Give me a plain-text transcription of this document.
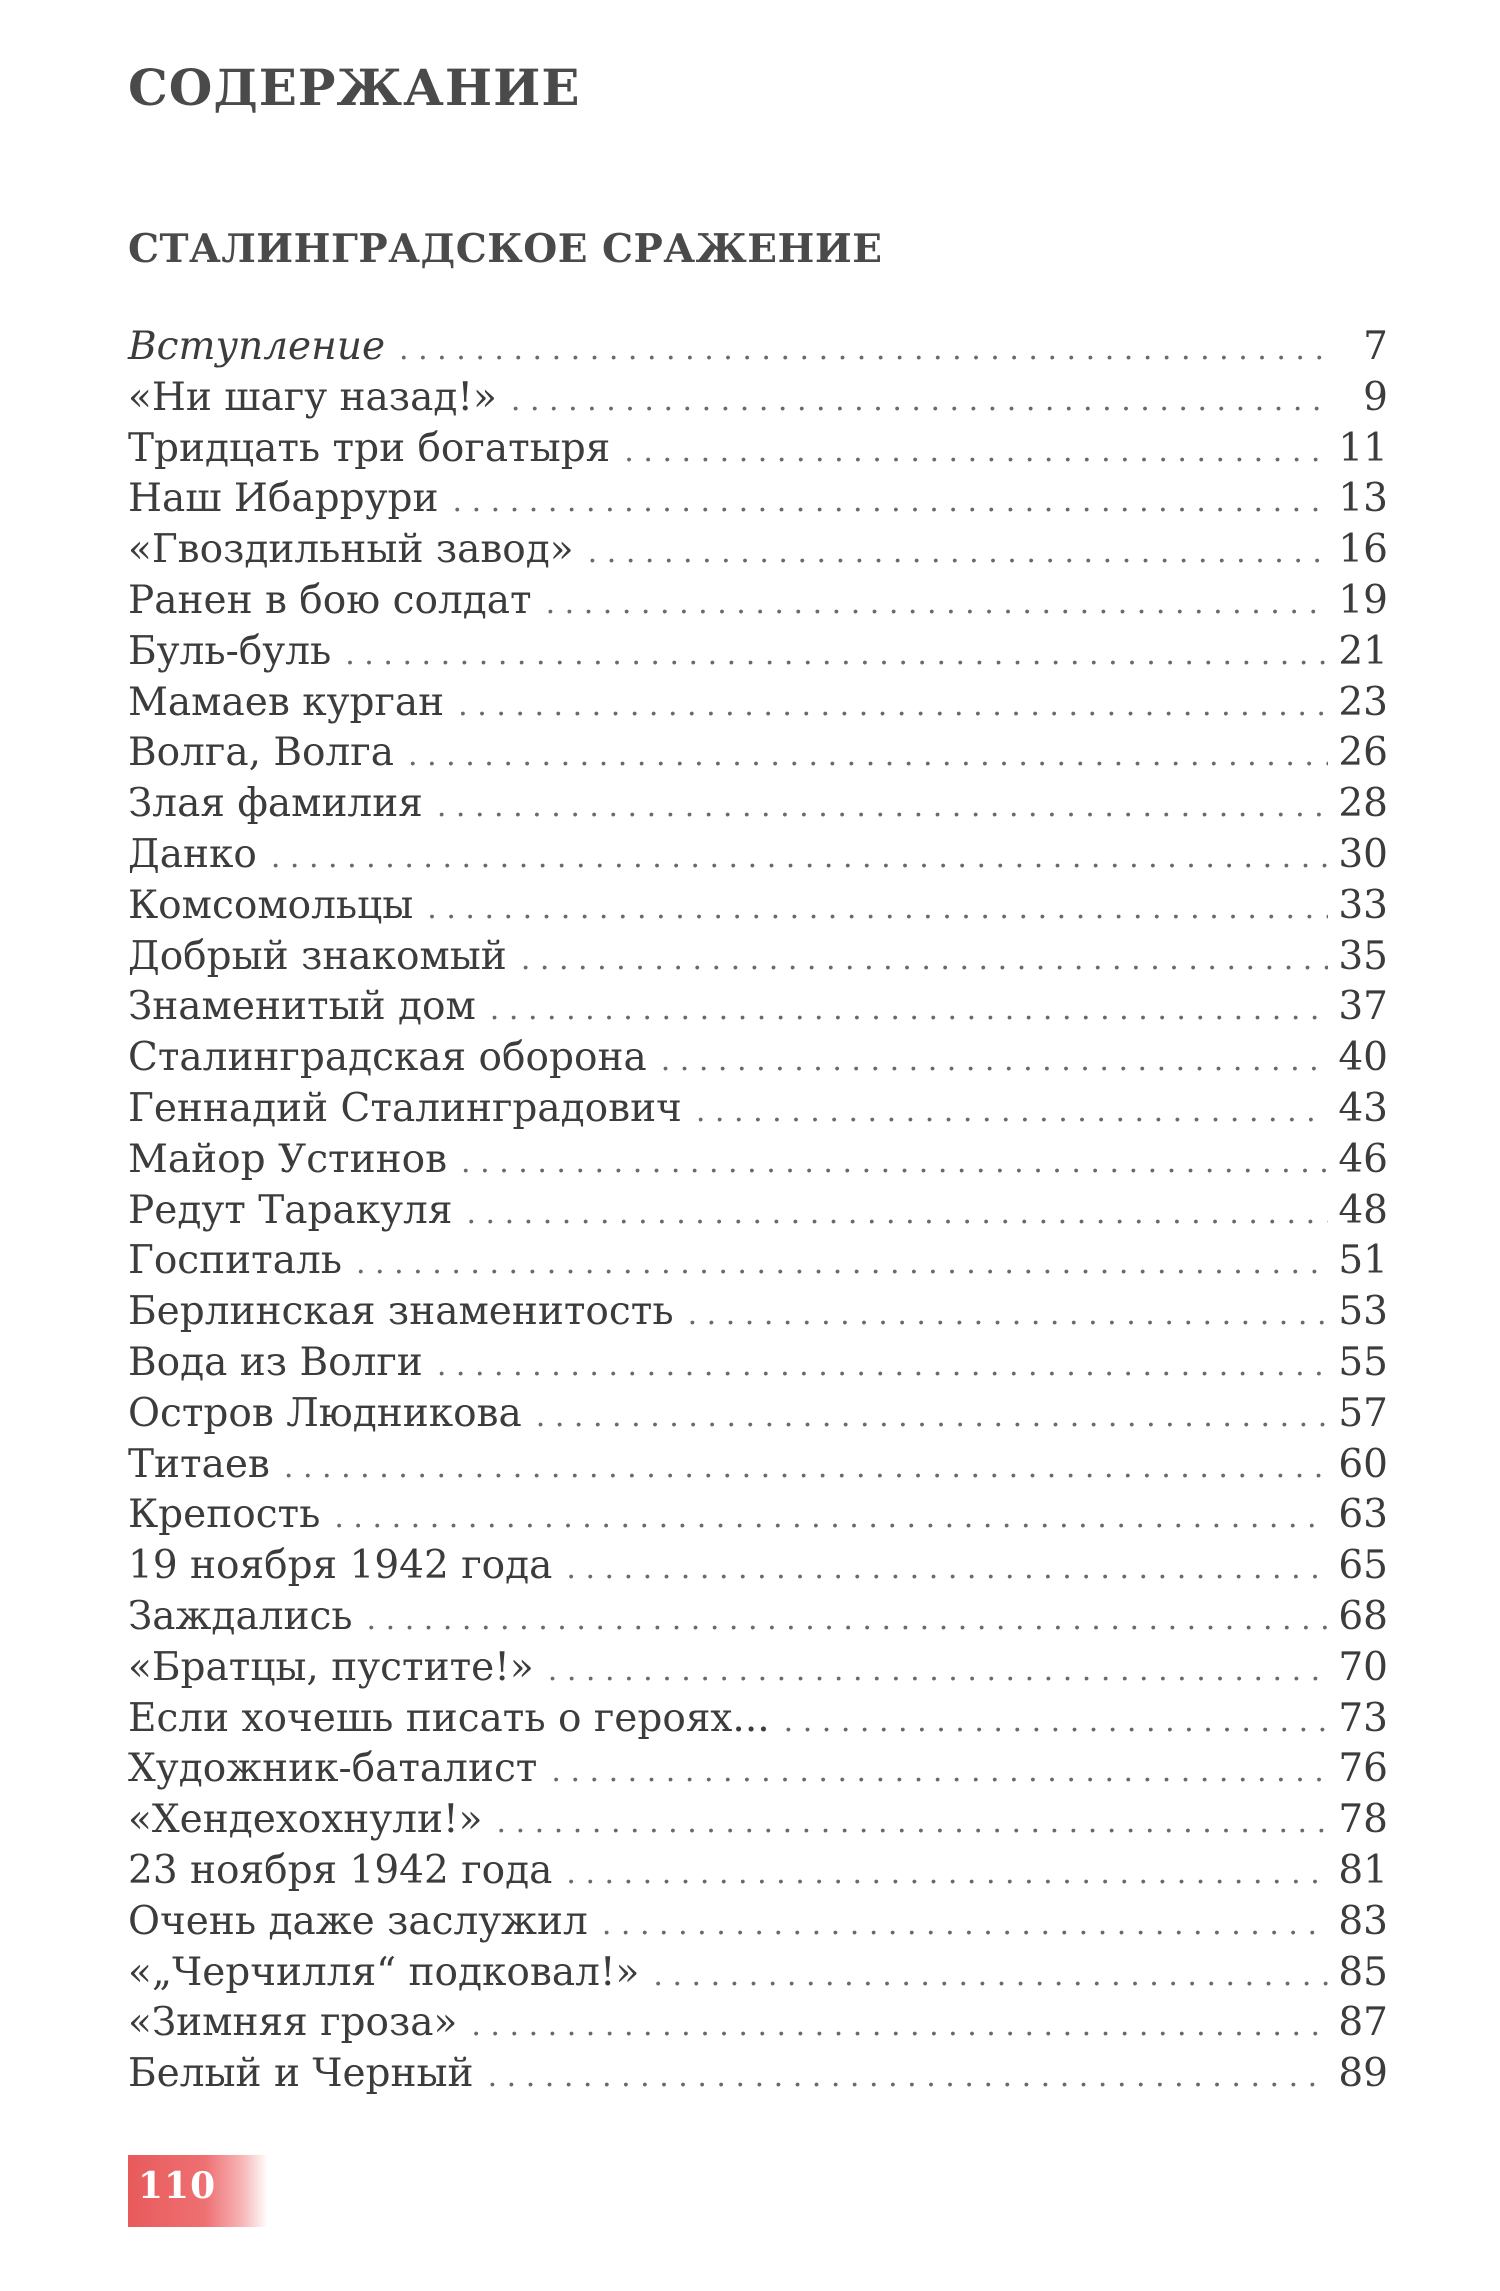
СОДЕРЖАНИЕ
СТАЛИНГРАДСКОЕ СРАЖЕНИЕ
Вступление . . .	7
«Ни шагу назад!» . . .	9
Тридцать три богатыря . . .	11
Наш Ибаррури . . .	13
«Гвоздильный завод» . . .	16
Ранен в бою солдат . . .	19
Буль-буль . . .	21
Мамаев курган . . .	23
Волга, Волга . . .	26
Злая фамилия . . .	28
Данко . . .	30
Комсомольцы . . .	33
Добрый знакомый . . .	35
Знаменитый дом . . .	37
Сталинградская оборона . . .	40
Геннадий Сталинградович . . .	43
Майор Устинов . . .	46
Редут Таракуля . . .	48
Госпиталь . . .	51
Берлинская знаменитость . . .	53
Вода из Волги . . .	55
Остров Людникова . . .	57
Титаев . . .	60
Крепость . . .	63
19 ноября 1942 года . . .	65
Заждались . . .	68
«Братцы, пустите!» . . .	70
Если хочешь писать о героях... . . .	73
Художник-баталист . . .	76
«Хендехохнули!» . . .	78
23 ноября 1942 года . . .	81
Очень даже заслужил . . .	83
«„Черчилля“ подковал!» . . .	85
«Зимняя гроза» . . .	87
Белый и Черный . . .	89
110
